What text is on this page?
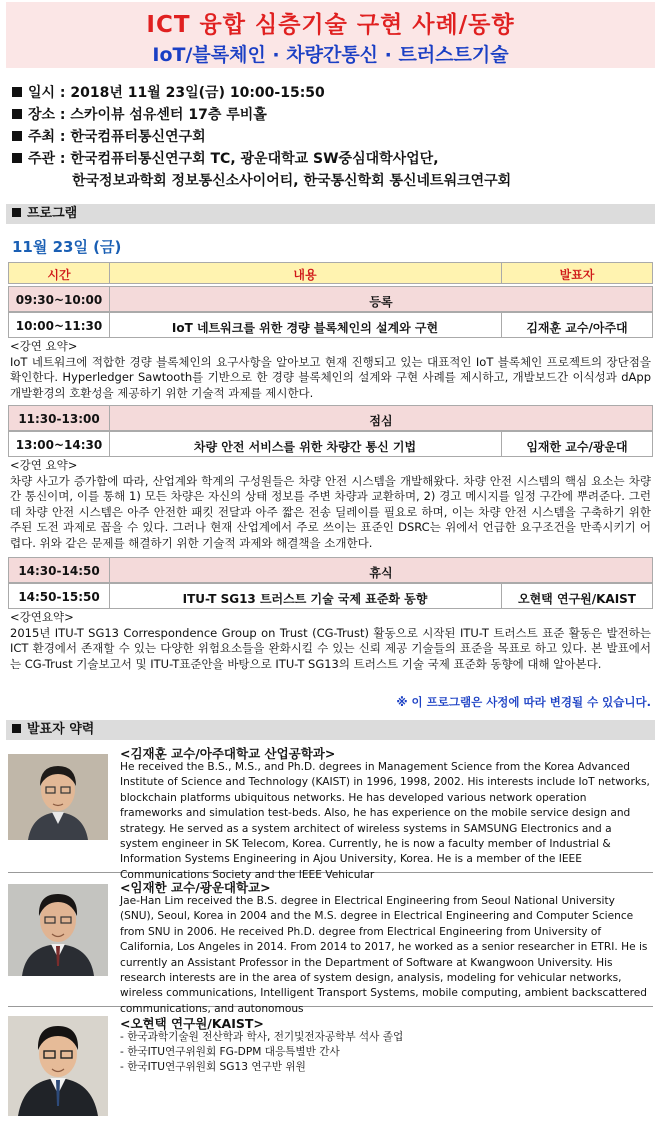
ICT 융합 심층기술 구현 사례/동향
IoT/블록체인 · 차량간통신 · 트러스트기술
일시 : 2018년 11월 23일(금) 10:00-15:50
장소 : 스카이뷰 섬유센터 17층 루비홀
주최 : 한국컴퓨터통신연구회
주관 : 한국컴퓨터통신연구회 TC, 광운대학교 SW중심대학사업단,
한국정보과학회 정보통신소사이어티, 한국통신학회 통신네트워크연구회
프로그램
11월 23일 (금)
시간	내용	발표자
09:30~10:00	등록
10:00~11:30	IoT 네트워크를 위한 경량 블록체인의 설계와 구현	김재훈 교수/아주대
<강연 요약>
IoT 네트워크에 적합한 경량 블록체인의 요구사항을 알아보고 현재 진행되고 있는 대표적인 IoT 블록체인 프로젝트의 장단점을 확인한다. Hyperledger Sawtooth를 기반으로 한 경량 블록체인의 설계와 구현 사례를 제시하고, 개발보드간 이식성과 dApp개발환경의 호환성을 제공하기 위한 기술적 과제를 제시한다.
11:30-13:00	점심
13:00~14:30	차량 안전 서비스를 위한 차량간 통신 기법	임재한 교수/광운대
<강연 요약>
차량 사고가 증가함에 따라, 산업계와 학계의 구성원들은 차량 안전 시스템을 개발해왔다. 차량 안전 시스템의 핵심 요소는 차량간 통신이며, 이를 통해 1) 모든 차량은 자신의 상태 정보를 주변 차량과 교환하며, 2) 경고 메시지를 일정 구간에 뿌려준다. 그런데 차량 안전 시스템은 아주 안전한 패킷 전달과 아주 짧은 전송 딜레이를 필요로 하며, 이는 차량 안전 시스템을 구축하기 위한 주된 도전 과제로 꼽을 수 있다. 그러나 현재 산업계에서 주로 쓰이는 표준인 DSRC는 위에서 언급한 요구조건을 만족시키기 어렵다. 위와 같은 문제를 해결하기 위한 기술적 과제와 해결책을 소개한다.
14:30-14:50	휴식
14:50-15:50	ITU-T SG13 트러스트 기술 국제 표준화 동향	오현택 연구원/KAIST
<강연요약>
2015년 ITU-T SG13 Correspondence Group on Trust (CG-Trust) 활동으로 시작된 ITU-T 트러스트 표준 활동은 발전하는 ICT 환경에서 존재할 수 있는 다양한 위험요소들을 완화시킬 수 있는 신뢰 제공 기술들의 표준을 목표로 하고 있다. 본 발표에서는 CG-Trust 기술보고서 및 ITU-T표준안을 바탕으로 ITU-T SG13의 트러스트 기술 국제 표준화 동향에 대해 알아본다.
※ 이 프로그램은 사정에 따라 변경될 수 있습니다.
발표자 약력
<김재훈 교수/아주대학교 산업공학과>
He received the B.S., M.S., and Ph.D. degrees in Management Science from the Korea Advanced Institute of Science and Technology (KAIST) in 1996, 1998, 2002. His interests include IoT networks, blockchain platforms ubiquitous networks. He has developed various network operation frameworks and simulation test-beds. Also, he has experience on the mobile service design and strategy. He served as a system architect of wireless systems in SAMSUNG Electronics and a system engineer in SK Telecom, Korea. Currently, he is now a faculty member of Industrial & Information Systems Engineering in Ajou University, Korea. He is a member of the IEEE Communications Society and the IEEE Vehicular
<임재한 교수/광운대학교>
Jae-Han Lim received the B.S. degree in Electrical Engineering from Seoul National University (SNU), Seoul, Korea in 2004 and the M.S. degree in Electrical Engineering and Computer Science from SNU in 2006. He received Ph.D. degree from Electrical Engineering from University of California, Los Angeles in 2014. From 2014 to 2017, he worked as a senior researcher in ETRI. He is currently an Assistant Professor in the Department of Software at Kwangwoon University. His research interests are in the area of system design, analysis, modeling for vehicular networks, wireless communications, Intelligent Transport Systems, mobile computing, ambient backscattered communications, and autonomous
<오현택 연구원/KAIST>
- 한국과학기술원 전산학과 학사, 전기및전자공학부 석사 졸업
- 한국ITU연구위원회 FG-DPM 대응특별반 간사
- 한국ITU연구위원회 SG13 연구반 위원
